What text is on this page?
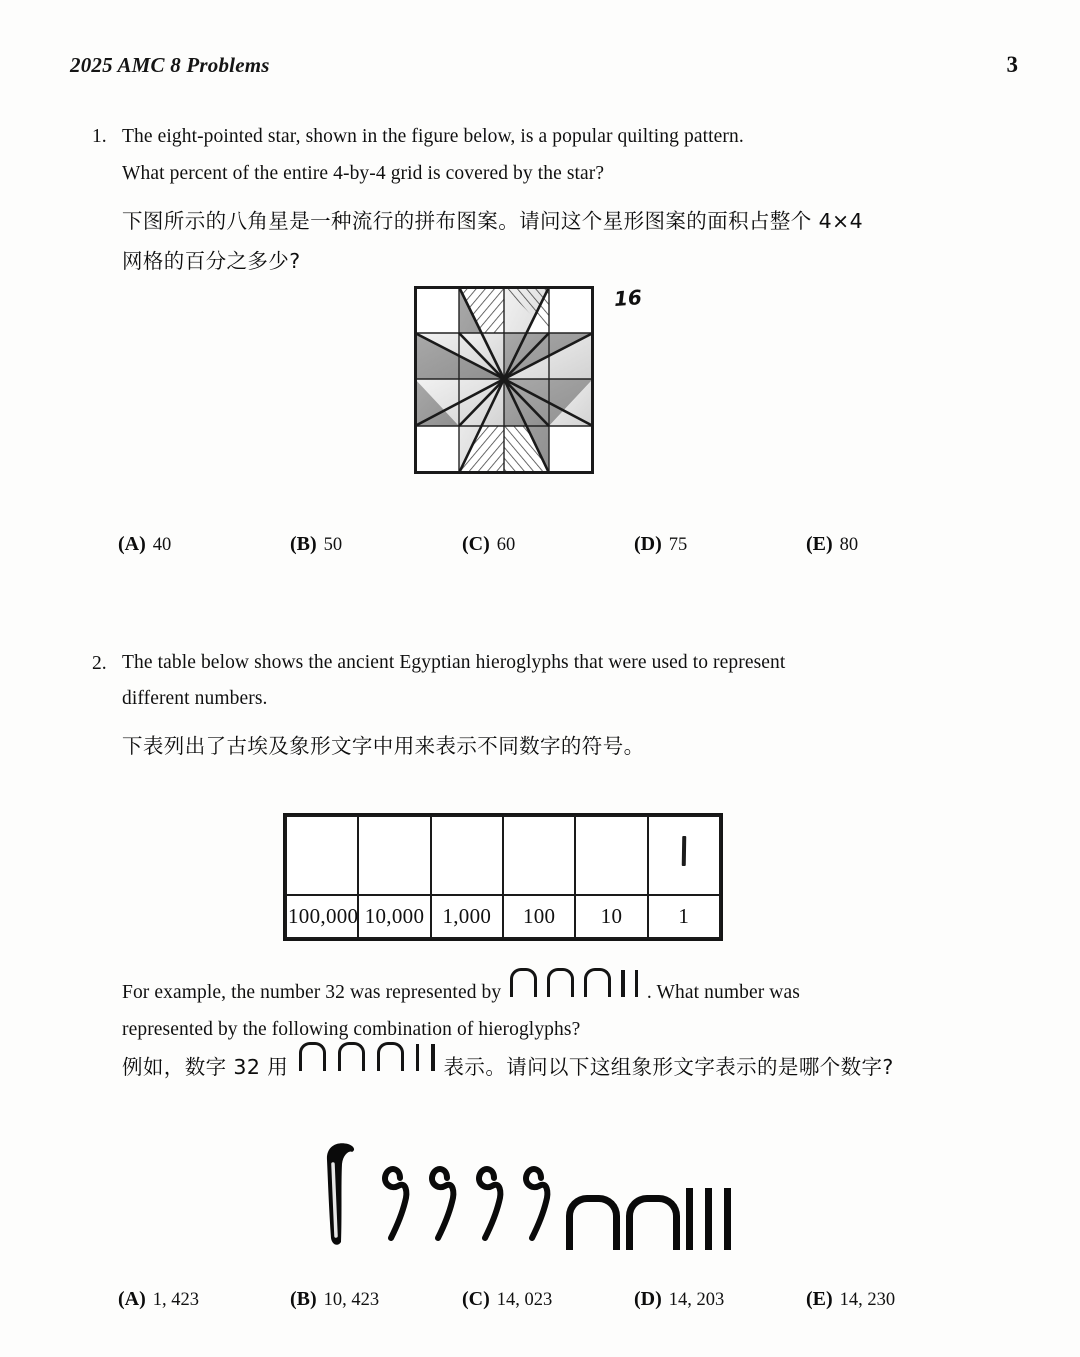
2025 AMC 8 Problems	3
1. The eight-pointed star, shown in the figure below, is a popular quilting pattern.
What percent of the entire 4-by-4 grid is covered by the star?
下图所示的八角星是一种流行的拼布图案。请问这个星形图案的面积占整个 4×4
网格的百分之多少?
16
(A) 40	(B) 50	(C) 60	(D) 75	(E) 80
2. The table below shows the ancient Egyptian hieroglyphs that were used to represent
different numbers.
下表列出了古埃及象形文字中用来表示不同数字的符号。

100,000	10,000	1,000	100	10	1
For example, the number 32 was represented by	. What number was
represented by the following combination of hieroglyphs?
例如，数字 32 用	表示。请问以下这组象形文字表示的是哪个数字?
(A) 1, 423	(B) 10, 423	(C) 14, 023	(D) 14, 203	(E) 14, 230
